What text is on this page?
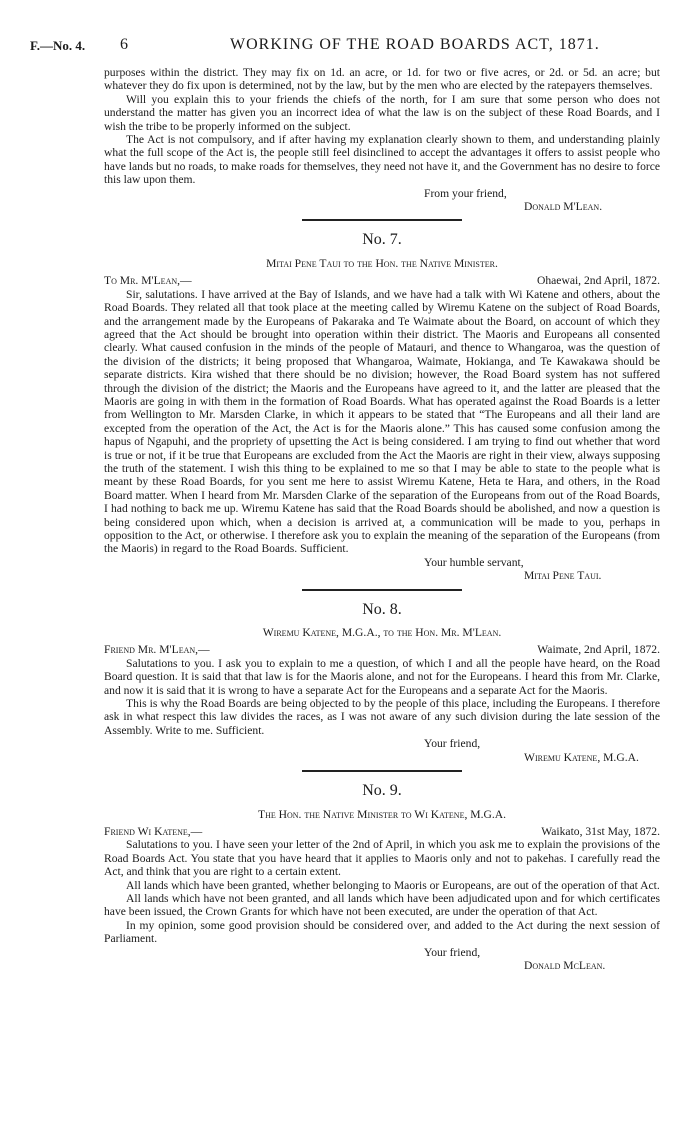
F.—No. 4. 6	WORKING OF THE ROAD BOARDS ACT, 1871.

purposes within the district. They may fix on 1d. an acre, or 1d. for two or five acres, or 2d. or 5d. an acre; but whatever they do fix upon is determined, not by the law, but by the men who are elected by the ratepayers themselves.

Will you explain this to your friends the chiefs of the north, for I am sure that some person who does not understand the matter has given you an incorrect idea of what the law is on the subject of these Road Boards, and I wish the tribe to be properly informed on the subject.

The Act is not compulsory, and if after having my explanation clearly shown to them, and understanding plainly what the full scope of the Act is, the people still feel disinclined to accept the advantages it offers to assist people who have lands but no roads, to make roads for themselves, they need not have it, and the Government has no desire to force this law upon them.

From your friend,
Donald M'Lean.
No. 7.
Mitai Pene Taui to the Hon. the Native Minister.
To Mr. M'Lean,—	Ohaewai, 2nd April, 1872.

Sir, salutations. I have arrived at the Bay of Islands, and we have had a talk with Wi Katene and others, about the Road Boards. They related all that took place at the meeting called by Wiremu Katene on the subject of Road Boards, and the arrangement made by the Europeans of Pakaraka and Te Waimate about the Board, on account of which they agreed that the Act should be brought into operation within their district. The Maoris and Europeans all consented clearly. What caused confusion in the minds of the people of Matauri, and thence to Whangaroa, was the question of the division of the districts; it being proposed that Whangaroa, Waimate, Hokianga, and Te Kawakawa should be separate districts. Kira wished that there should be no division; however, the Road Board system has not suffered through the division of the district; the Maoris and the Europeans have agreed to it, and the latter are pleased that the Maoris are going in with them in the formation of Road Boards. What has operated against the Road Boards is a letter from Wellington to Mr. Marsden Clarke, in which it appears to be stated that “The Europeans and all their land are excepted from the operation of the Act, the Act is for the Maoris alone.” This has caused some confusion among the hapus of Ngapuhi, and the propriety of upsetting the Act is being considered. I am trying to find out whether that word is true or not, if it be true that Europeans are excluded from the Act the Maoris are right in their view, always supposing the truth of the statement. I wish this thing to be explained to me so that I may be able to state to the people what is meant by these Road Boards, for you sent me here to assist Wiremu Katene, Heta te Hara, and others, in the Road Board matter. When I heard from Mr. Marsden Clarke of the separation of the Europeans from out of the Road Boards, I had nothing to back me up. Wiremu Katene has said that the Road Boards should be abolished, and now a question is being considered upon which, when a decision is arrived at, a communication will be made to you, perhaps in opposition to the Act, or otherwise. I therefore ask you to explain the meaning of the separation of the Europeans (from the Maoris) in regard to the Road Boards. Sufficient.

Your humble servant,
Mitai Pene Taui.
No. 8.
Wiremu Katene, M.G.A., to the Hon. Mr. M'Lean.
Friend Mr. M'Lean,—	Waimate, 2nd April, 1872.

Salutations to you. I ask you to explain to me a question, of which I and all the people have heard, on the Road Board question. It is said that that law is for the Maoris alone, and not for the Europeans. I heard this from Mr. Clarke, and now it is said that it is wrong to have a separate Act for the Europeans and a separate Act for the Maoris.

This is why the Road Boards are being objected to by the people of this place, including the Europeans. I therefore ask in what respect this law divides the races, as I was not aware of any such division during the late session of the Assembly. Write to me. Sufficient.

Your friend,
Wiremu Katene, M.G.A.
No. 9.
The Hon. the Native Minister to Wi Katene, M.G.A.
Friend Wi Katene,—	Waikato, 31st May, 1872.

Salutations to you. I have seen your letter of the 2nd of April, in which you ask me to explain the provisions of the Road Boards Act. You state that you have heard that it applies to Maoris only and not to pakehas. I carefully read the Act, and think that you are right to a certain extent.

All lands which have been granted, whether belonging to Maoris or Europeans, are out of the operation of that Act.

All lands which have not been granted, and all lands which have been adjudicated upon and for which certificates have been issued, the Crown Grants for which have not been executed, are under the operation of that Act.

In my opinion, some good provision should be considered over, and added to the Act during the next session of Parliament.

Your friend,
Donald McLean.
